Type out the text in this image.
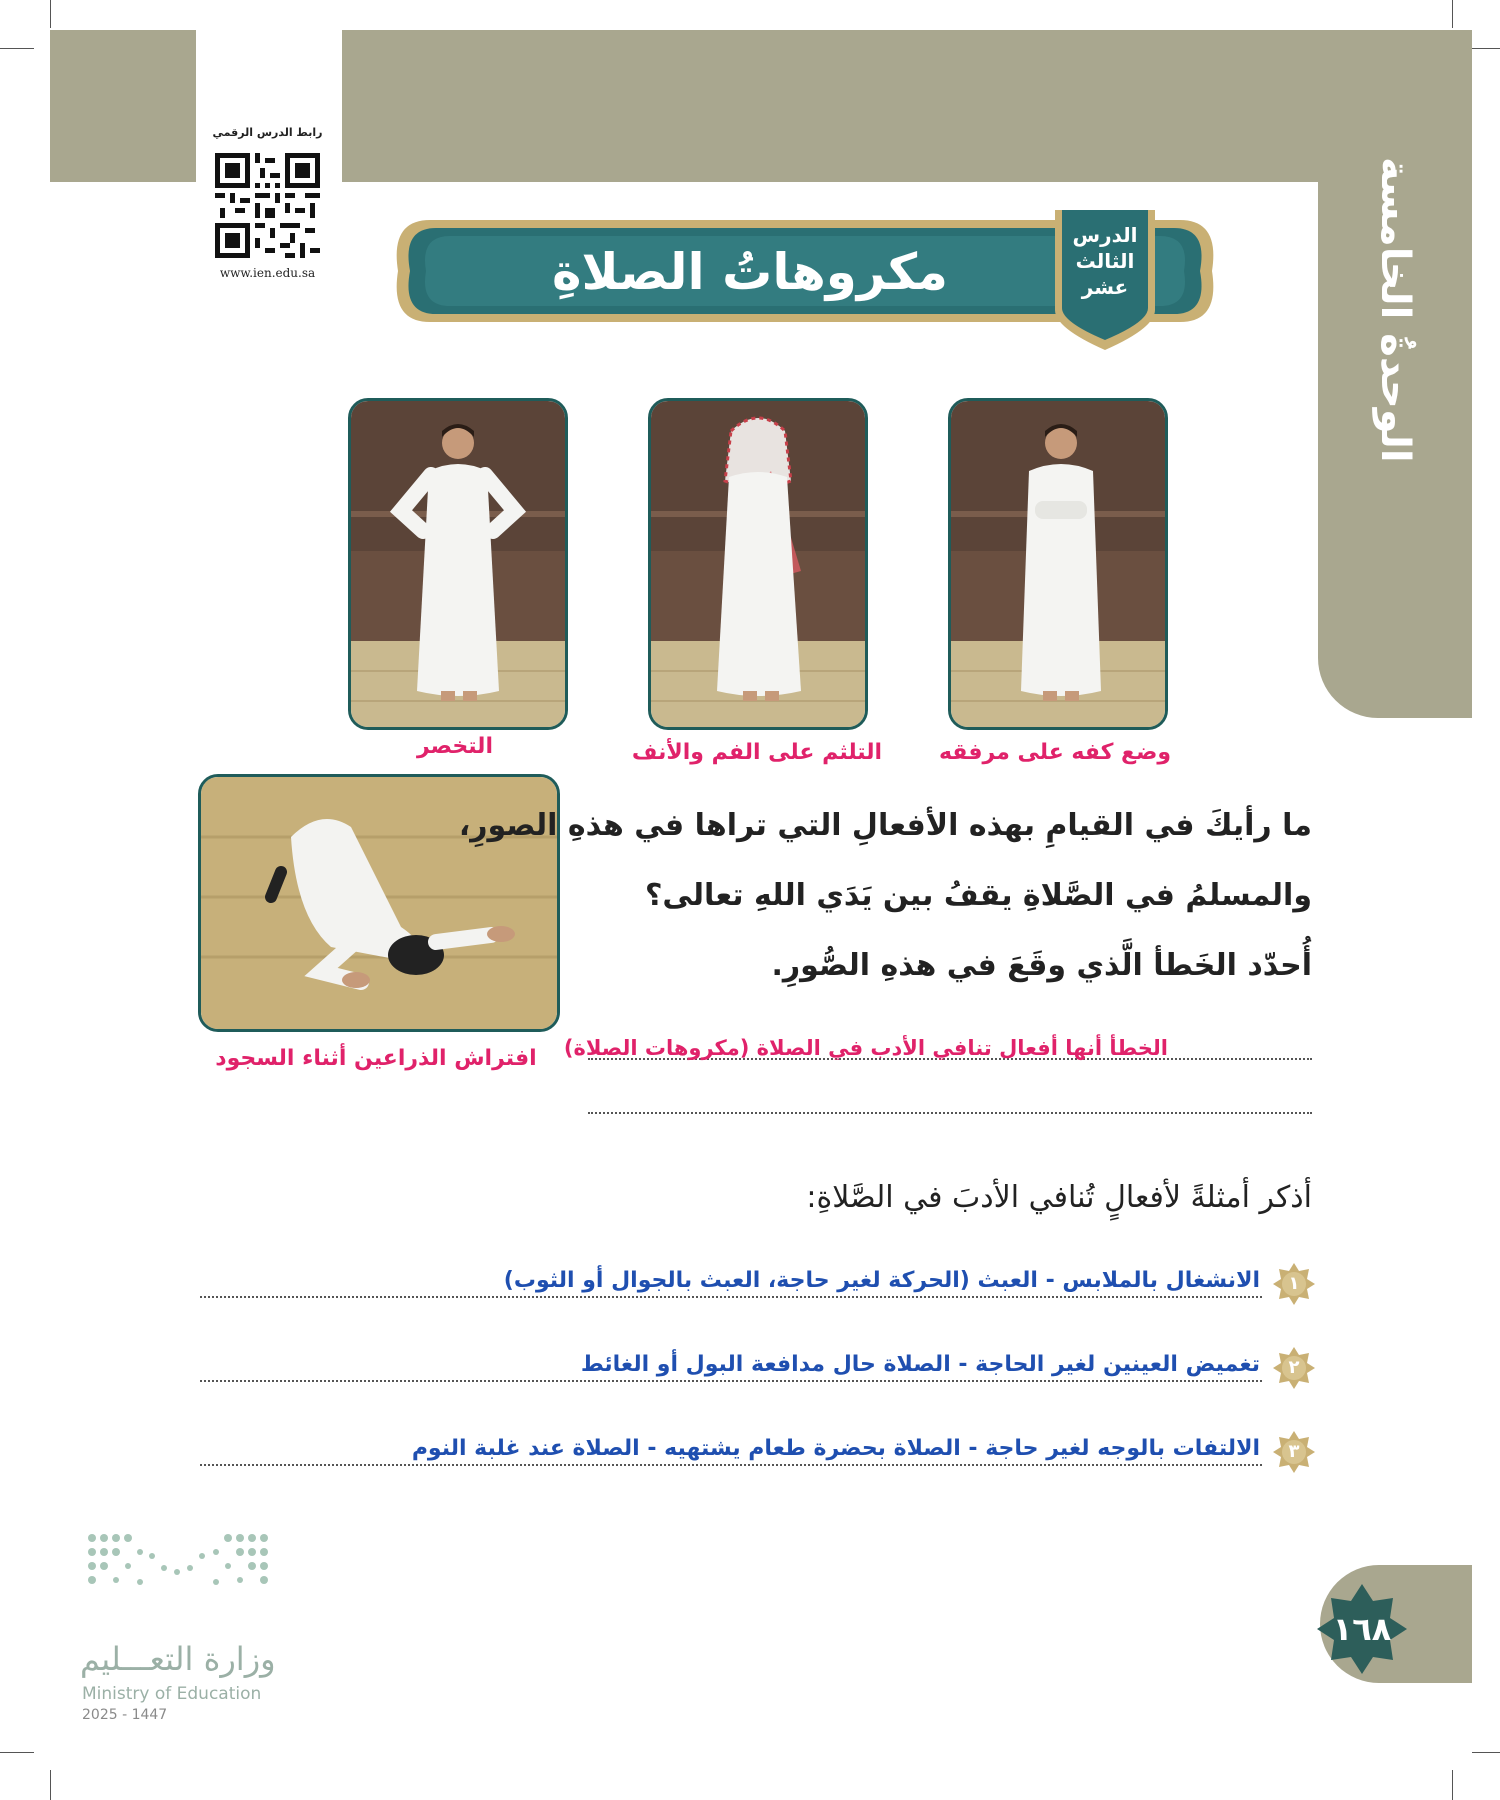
الوحدةُ الخامسة
رابط الدرس الرقمي
www.ien.edu.sa	مكروهاتُ الصلاةِ
الدرس
الثالث
عشر
وضع كفه على مرفقه
التلثم على الفم والأنف
التخصر
افتراش الذراعين أثناء السجود
ما رأيكَ في القيامِ بهذه الأفعالِ التي تراها في هذهِ الصورِ،
والمسلمُ في الصَّلاةِ يقفُ بين يَدَي اللهِ تعالى؟
أُحدّد الخَطأ الَّذي وقَعَ في هذهِ الصُّورِ.
الخطأ أنها أفعال تنافي الأدب في الصلاة (مكروهات الصلاة)
أذكر أمثلةً لأفعالٍ تُنافي الأدبَ في الصَّلاةِ:
١
الانشغال بالملابس - العبث (الحركة لغير حاجة، العبث بالجوال أو الثوب)
٢
تغميض العينين لغير الحاجة - الصلاة حال مدافعة البول أو الغائط
٣
الالتفات بالوجه لغير حاجة - الصلاة بحضرة طعام يشتهيه - الصلاة عند غلبة النوم
١٦٨
وزارة التعـــليم
Ministry of Education
2025 - 1447
